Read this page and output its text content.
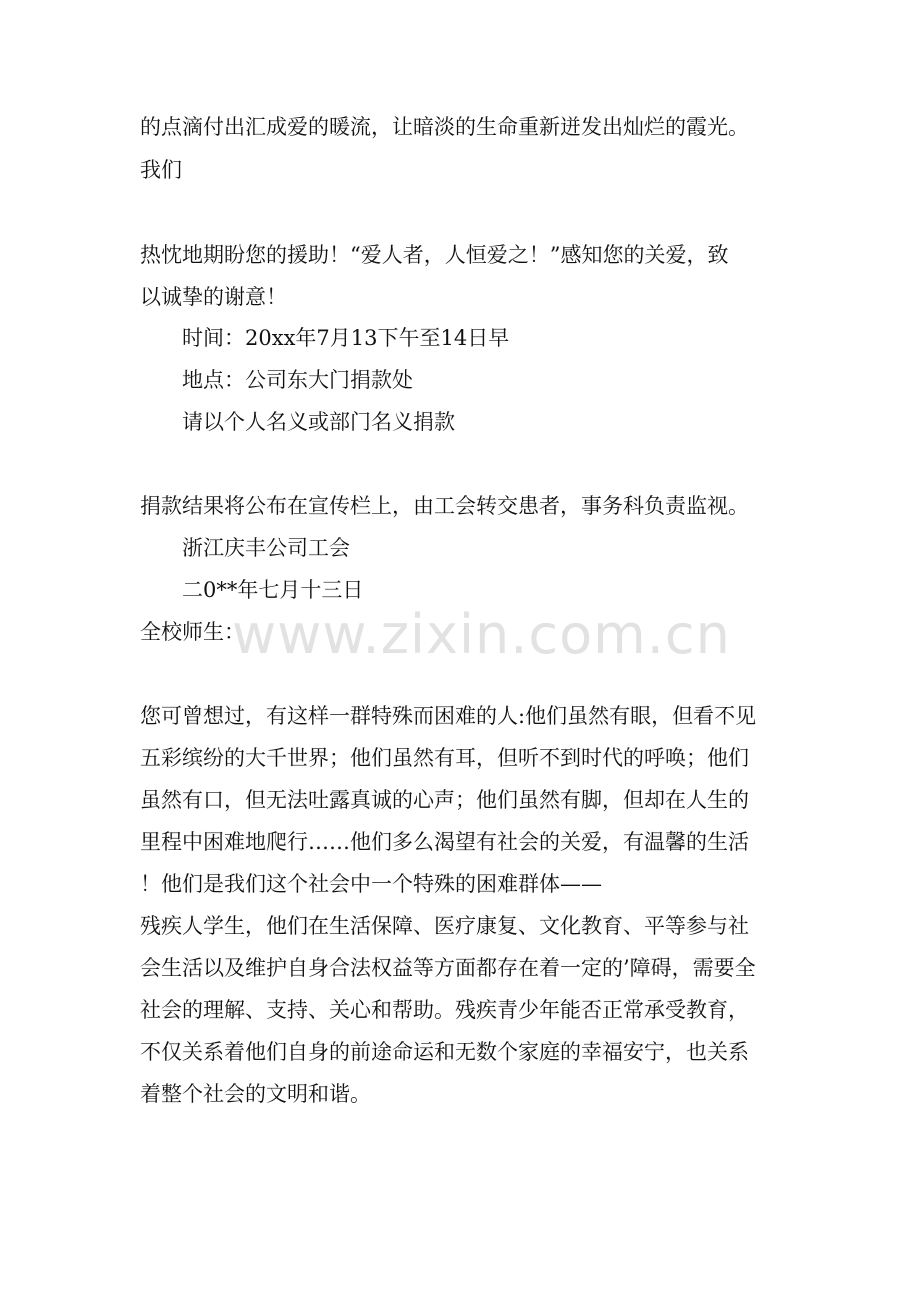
的点滴付出汇成爱的暖流，让暗淡的生命重新迸发出灿烂的霞光。
我们
热忱地期盼您的援助！“爱人者，人恒爱之！”感知您的关爱，致
以诚挚的谢意！
时间：20xx年7月13下午至14日早
地点：公司东大门捐款处
请以个人名义或部门名义捐款
捐款结果将公布在宣传栏上，由工会转交患者，事务科负责监视。
浙江庆丰公司工会
二0**年七月十三日
全校师生：
您可曾想过，有这样一群特殊而困难的人:他们虽然有眼，但看不见
五彩缤纷的大千世界；他们虽然有耳，但听不到时代的呼唤；他们
虽然有口，但无法吐露真诚的心声；他们虽然有脚，但却在人生的
里程中困难地爬行……他们多么渴望有社会的关爱，有温馨的生活
！他们是我们这个社会中一个特殊的困难群体——
残疾人学生，他们在生活保障、医疗康复、文化教育、平等参与社
会生活以及维护自身合法权益等方面都存在着一定的’障碍，需要全
社会的理解、支持、关心和帮助。残疾青少年能否正常承受教育，
不仅关系着他们自身的前途命运和无数个家庭的幸福安宁，也关系
着整个社会的文明和谐。
www.zixin.com.cn
